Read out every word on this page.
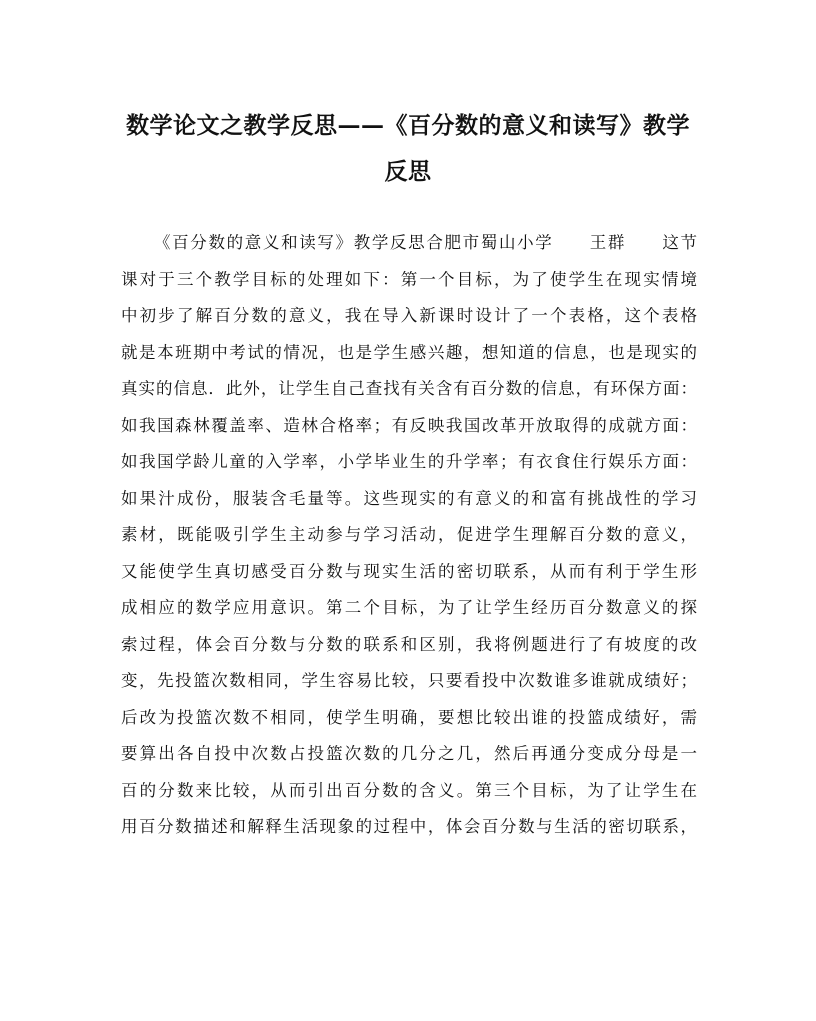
数学论文之教学反思——《百分数的意义和读写》教学
反思
《百分数的意义和读写》教学反思合肥市蜀山小学　　王群　　这节
课对于三个教学目标的处理如下：第一个目标，为了使学生在现实情境
中初步了解百分数的意义，我在导入新课时设计了一个表格，这个表格
就是本班期中考试的情况，也是学生感兴趣，想知道的信息，也是现实的
真实的信息．此外，让学生自己查找有关含有百分数的信息，有环保方面：
如我国森林覆盖率、造林合格率；有反映我国改革开放取得的成就方面：
如我国学龄儿童的入学率，小学毕业生的升学率；有衣食住行娱乐方面：
如果汁成份，服装含毛量等。这些现实的有意义的和富有挑战性的学习
素材，既能吸引学生主动参与学习活动，促进学生理解百分数的意义，
又能使学生真切感受百分数与现实生活的密切联系，从而有利于学生形
成相应的数学应用意识。第二个目标，为了让学生经历百分数意义的探
索过程，体会百分数与分数的联系和区别，我将例题进行了有坡度的改
变，先投篮次数相同，学生容易比较，只要看投中次数谁多谁就成绩好；
后改为投篮次数不相同，使学生明确，要想比较出谁的投篮成绩好，需
要算出各自投中次数占投篮次数的几分之几，然后再通分变成分母是一
百的分数来比较，从而引出百分数的含义。第三个目标，为了让学生在
用百分数描述和解释生活现象的过程中，体会百分数与生活的密切联系，
